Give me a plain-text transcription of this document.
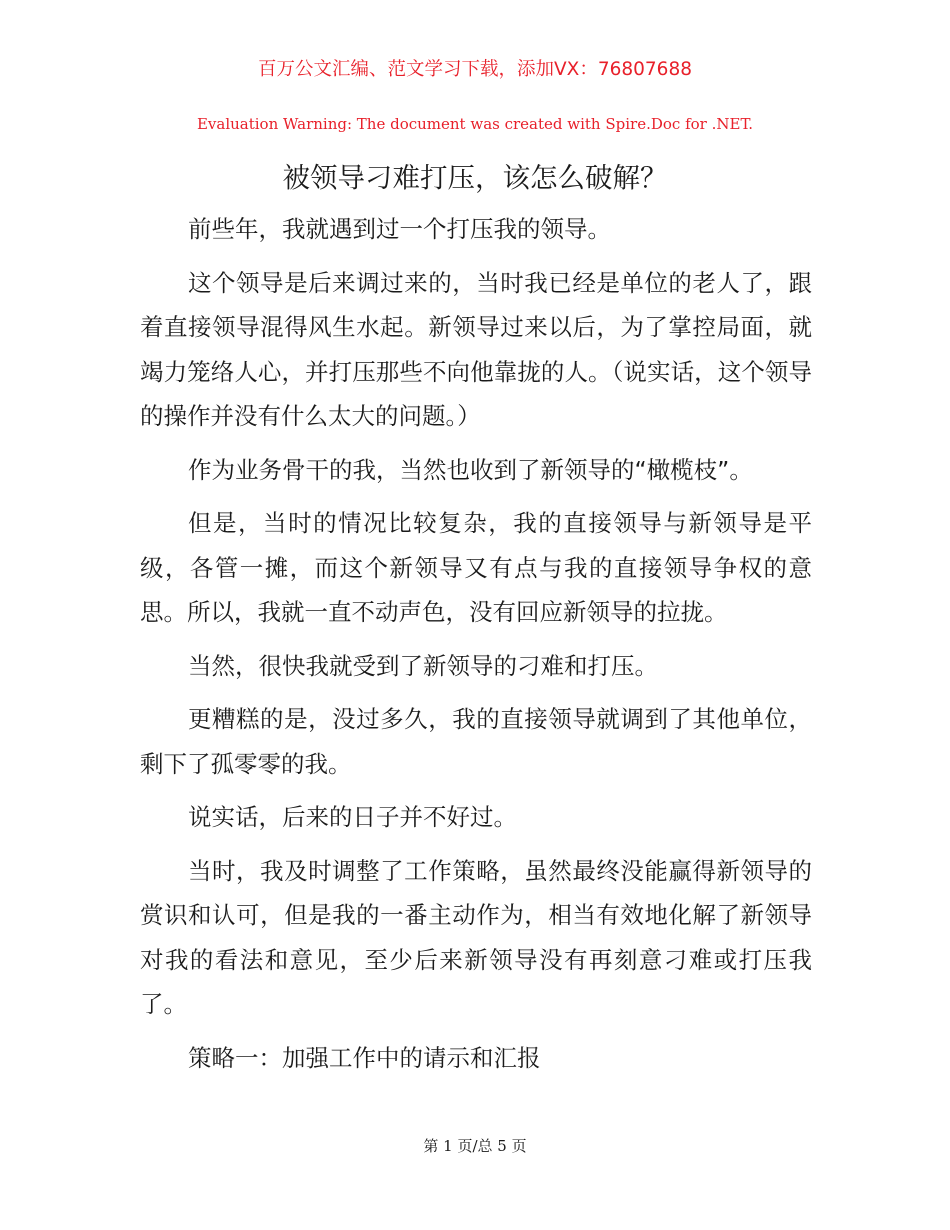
百万公文汇编、范文学习下载，添加VX：76807688
Evaluation Warning: The document was created with Spire.Doc for .NET.
被领导刁难打压，该怎么破解？

前些年，我就遇到过一个打压我的领导。

这个领导是后来调过来的，当时我已经是单位的老人了，跟着直接领导混得风生水起。新领导过来以后，为了掌控局面，就竭力笼络人心，并打压那些不向他靠拢的人。（说实话，这个领导的操作并没有什么太大的问题。）

作为业务骨干的我，当然也收到了新领导的“橄榄枝”。

但是，当时的情况比较复杂，我的直接领导与新领导是平级，各管一摊，而这个新领导又有点与我的直接领导争权的意思。所以，我就一直不动声色，没有回应新领导的拉拢。

当然，很快我就受到了新领导的刁难和打压。

更糟糕的是，没过多久，我的直接领导就调到了其他单位，剩下了孤零零的我。

说实话，后来的日子并不好过。

当时，我及时调整了工作策略，虽然最终没能赢得新领导的赏识和认可，但是我的一番主动作为，相当有效地化解了新领导对我的看法和意见，至少后来新领导没有再刻意刁难或打压我了。

策略一：加强工作中的请示和汇报

第 1 页/总 5 页
